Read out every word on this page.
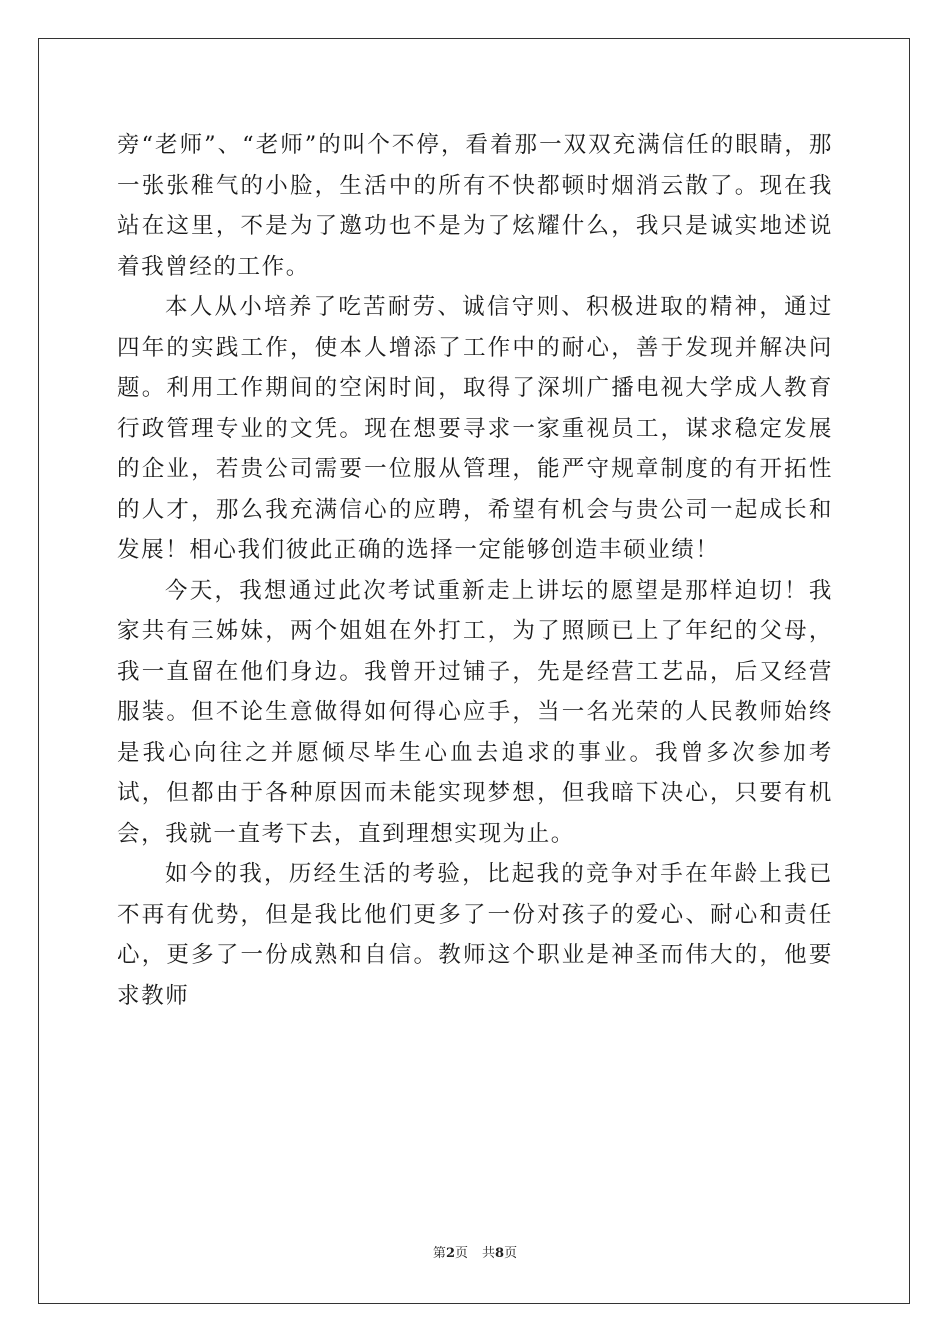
旁“老师”、“老师”的叫个不停，看着那一双双充满信任的眼睛，那一张张稚气的小脸，生活中的所有不快都顿时烟消云散了。现在我站在这里，不是为了邀功也不是为了炫耀什么，我只是诚实地述说着我曾经的工作。

本人从小培养了吃苦耐劳、诚信守则、积极进取的精神，通过四年的实践工作，使本人增添了工作中的耐心，善于发现并解决问题。利用工作期间的空闲时间，取得了深圳广播电视大学成人教育行政管理专业的文凭。现在想要寻求一家重视员工，谋求稳定发展的企业，若贵公司需要一位服从管理，能严守规章制度的有开拓性的人才，那么我充满信心的应聘，希望有机会与贵公司一起成长和发展！相心我们彼此正确的选择一定能够创造丰硕业绩！

今天，我想通过此次考试重新走上讲坛的愿望是那样迫切！我家共有三姊妹，两个姐姐在外打工，为了照顾已上了年纪的父母，我一直留在他们身边。我曾开过铺子，先是经营工艺品，后又经营服装。但不论生意做得如何得心应手，当一名光荣的人民教师始终是我心向往之并愿倾尽毕生心血去追求的事业。我曾多次参加考试，但都由于各种原因而未能实现梦想，但我暗下决心，只要有机会，我就一直考下去，直到理想实现为止。

如今的我，历经生活的考验，比起我的竞争对手在年龄上我已不再有优势，但是我比他们更多了一份对孩子的爱心、耐心和责任心，更多了一份成熟和自信。教师这个职业是神圣而伟大的，他要求教师

第2页 共8页
